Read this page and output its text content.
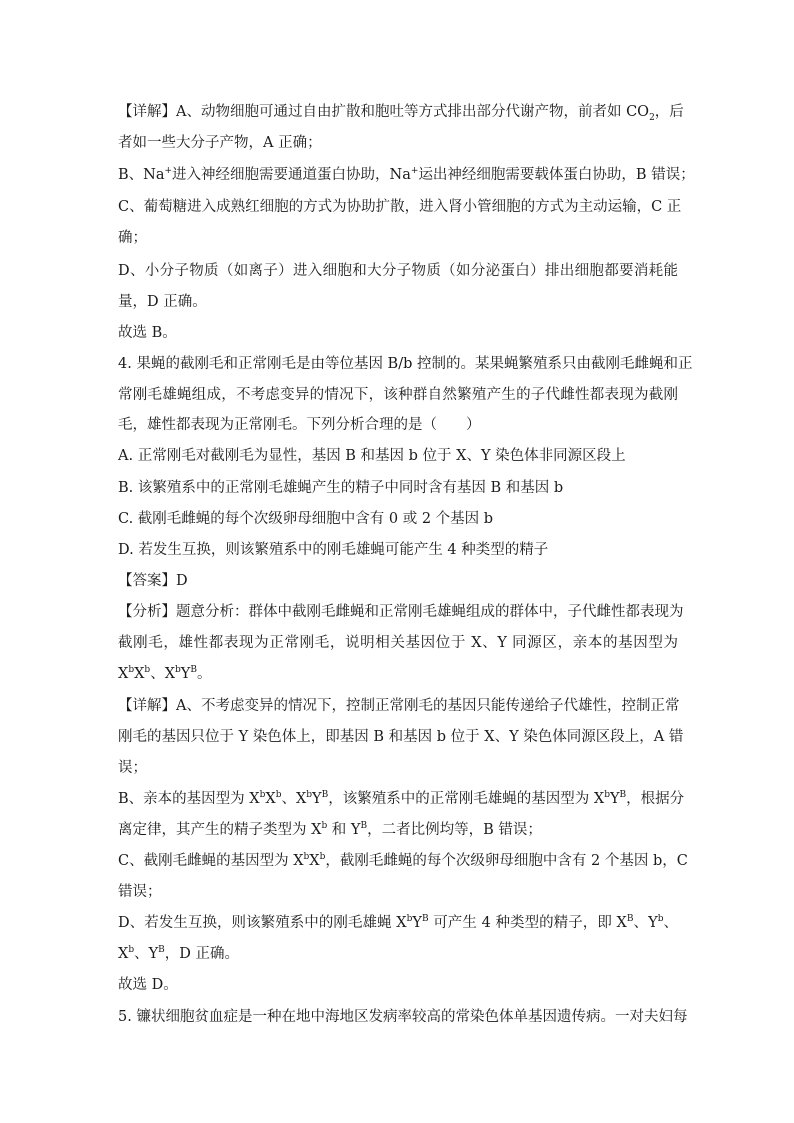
【详解】A、动物细胞可通过自由扩散和胞吐等方式排出部分代谢产物，前者如 $CO_2$，后
者如一些大分子产物，A 正确；
B、Na+进入神经细胞需要通道蛋白协助，Na+运出神经细胞需要载体蛋白协助，B 错误；
C、葡萄糖进入成熟红细胞的方式为协助扩散，进入肾小管细胞的方式为主动运输，C 正
确；
D、小分子物质（如离子）进入细胞和大分子物质（如分泌蛋白）排出细胞都要消耗能
量，D 正确。
故选 B。
4. 果蝇的截刚毛和正常刚毛是由等位基因 B/b 控制的。某果蝇繁殖系只由截刚毛雌蝇和正
常刚毛雄蝇组成，不考虑变异的情况下，该种群自然繁殖产生的子代雌性都表现为截刚
毛，雄性都表现为正常刚毛。下列分析合理的是（　　）
A. 正常刚毛对截刚毛为显性，基因 B 和基因 b 位于 X、Y 染色体非同源区段上
B. 该繁殖系中的正常刚毛雄蝇产生的精子中同时含有基因 B 和基因 b
C. 截刚毛雌蝇的每个次级卵母细胞中含有 0 或 2 个基因 b
D. 若发生互换，则该繁殖系中的刚毛雄蝇可能产生 4 种类型的精子
【答案】D
【分析】题意分析：群体中截刚毛雌蝇和正常刚毛雄蝇组成的群体中，子代雌性都表现为
截刚毛，雄性都表现为正常刚毛，说明相关基因位于 X、Y 同源区，亲本的基因型为
$X^bX^b$、$X^bY^B$。
【详解】A、不考虑变异的情况下，控制正常刚毛的基因只能传递给子代雄性，控制正常
刚毛的基因只位于 Y 染色体上，即基因 B 和基因 b 位于 X、Y 染色体同源区段上，A 错
误；
B、亲本的基因型为 $X^bX^b$、$X^bY^B$，该繁殖系中的正常刚毛雄蝇的基因型为 $X^bY^B$，根据分
离定律，其产生的精子类型为 $X^b$ 和 $Y^B$，二者比例均等，B 错误；
C、截刚毛雌蝇的基因型为 $X^bX^b$，截刚毛雌蝇的每个次级卵母细胞中含有 2 个基因 b，C
错误；
D、若发生互换，则该繁殖系中的刚毛雄蝇 $X^bY^B$ 可产生 4 种类型的精子，即 $X^B$、$Y^b$、
$X^b$、$Y^B$，D 正确。
故选 D。
5. 镰状细胞贫血症是一种在地中海地区发病率较高的常染色体单基因遗传病。一对夫妇每
